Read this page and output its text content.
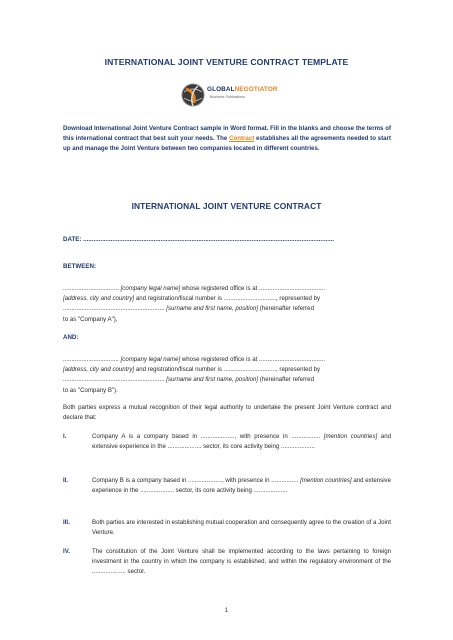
INTERNATIONAL JOINT VENTURE CONTRACT TEMPLATE
GLOBALNEGOTIATOR
Business Publications
Download International Joint Venture Contract sample in Word format. Fill in the blanks and choose the terms of this international contract that best suit your needs. The Contract establishes all the agreements needed to start up and manage the Joint Venture between two companies located in different countries.
INTERNATIONAL JOINT VENTURE CONTRACT
DATE: ..................................................................................................................................................
BETWEEN:
................................. [company legal name] whose registered office is at .......................................
[address, city and country] and registration/fiscal number is ..............................., represented by
............................................................ [surname and first name, position] (hereinafter referred
to as "Company A"),
AND:
................................. [company legal name] whose registered office is at .......................................
[address, city and country] and registration/fiscal number is ..............................., represented by
............................................................ [surname and first name, position] (hereinafter referred
to as "Company B").
Both parties express a mutual recognition of their legal authority to undertake the present Joint Venture contract and declare that:
I.	Company A is a company based in ...................., with presence in ................. [mention countries] and extensive experience in the .................... sector, its core activity being ....................
II.	Company B is a company based in ...................., with presence in ................ [mention countries] and extensive experience in the .................... sector, its core activity being ....................
III.	Both parties are interested in establishing mutual cooperation and consequently agree to the creation of a Joint Venture.
IV.	The constitution of the Joint Venture shall be implemented according to the laws pertaining to foreign investment in the country in which the company is established, and within the regulatory environment of the .................... sector.
1
